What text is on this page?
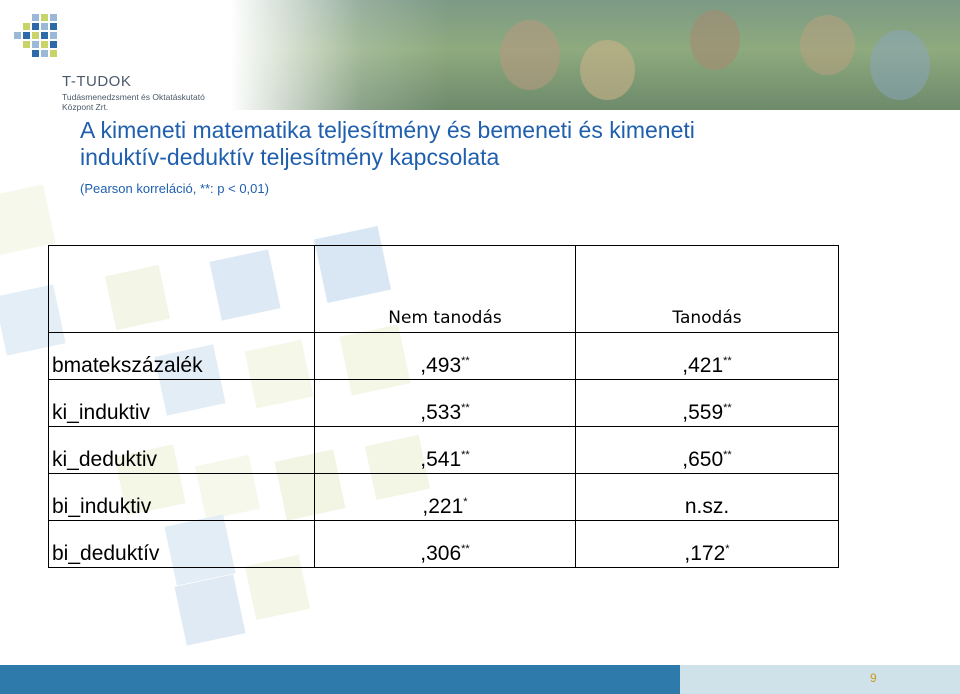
T-TUDOK
Tudásmenedzsment és Oktatáskutató
Központ Zrt.
A kimeneti matematika teljesítmény és bemeneti és kimeneti
induktív-deduktív teljesítmény kapcsolata
(Pearson korreláció, **: p < 0,01)
	Nem tanodás	Tanodás
bmatekszázalék	,493**	,421**
ki_induktiv	,533**	,559**
ki_deduktiv	,541**	,650**
bi_induktiv	,221*	n.sz.
bi_deduktív	,306**	,172*
9
